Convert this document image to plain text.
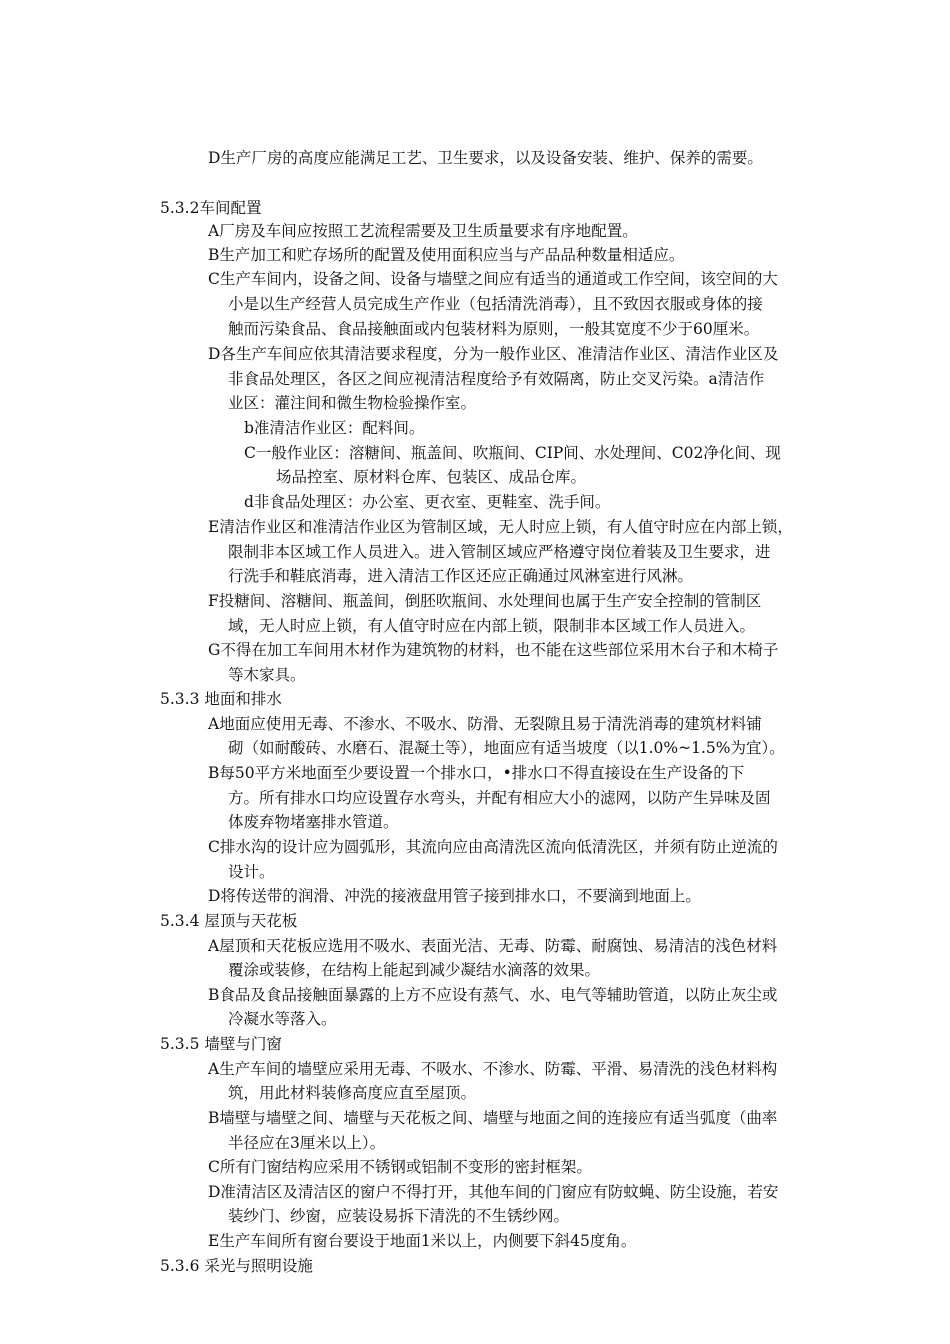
D生产厂房的高度应能满足工艺、卫生要求，以及设备安装、维护、保养的需要。
5.3.2车间配置
A厂房及车间应按照工艺流程需要及卫生质量要求有序地配置。
B生产加工和贮存场所的配置及使用面积应当与产品品种数量相适应。
C生产车间内，设备之间、设备与墙壁之间应有适当的通道或工作空间，该空间的大
小是以生产经营人员完成生产作业（包括清洗消毒），且不致因衣服或身体的接
触而污染食品、食品接触面或内包装材料为原则，一般其宽度不少于60厘米。
D各生产车间应依其清洁要求程度，分为一般作业区、准清洁作业区、清洁作业区及
非食品处理区，各区之间应视清洁程度给予有效隔离，防止交叉污染。a清洁作
业区：灌注间和微生物检验操作室。
b准清洁作业区：配料间。
C一般作业区：溶糖间、瓶盖间、吹瓶间、CIP间、水处理间、C02净化间、现
场品控室、原材料仓库、包装区、成品仓库。
d非食品处理区：办公室、更衣室、更鞋室、洗手间。
E清洁作业区和准清洁作业区为管制区域，无人时应上锁，有人值守时应在内部上锁，
限制非本区域工作人员进入。进入管制区域应严格遵守岗位着装及卫生要求，进
行洗手和鞋底消毒，进入清洁工作区还应正确通过风淋室进行风淋。
F投糖间、溶糖间、瓶盖间，倒胚吹瓶间、水处理间也属于生产安全控制的管制区
域，无人时应上锁，有人值守时应在内部上锁，限制非本区域工作人员进入。
G不得在加工车间用木材作为建筑物的材料，也不能在这些部位采用木台子和木椅子
等木家具。
5.3.3 地面和排水
A地面应使用无毒、不渗水、不吸水、防滑、无裂隙且易于清洗消毒的建筑材料铺
砌（如耐酸砖、水磨石、混凝土等），地面应有适当坡度（以1.0%~1.5%为宜）。
B每50平方米地面至少要设置一个排水口，•排水口不得直接设在生产设备的下
方。所有排水口均应设置存水弯头，并配有相应大小的滤网，以防产生异味及固
体废弃物堵塞排水管道。
C排水沟的设计应为圆弧形，其流向应由高清洗区流向低清洗区，并须有防止逆流的
设计。
D将传送带的润滑、冲洗的接液盘用管子接到排水口，不要滴到地面上。
5.3.4 屋顶与天花板
A屋顶和天花板应选用不吸水、表面光洁、无毒、防霉、耐腐蚀、易清洁的浅色材料
覆涂或装修，在结构上能起到减少凝结水滴落的效果。
B食品及食品接触面暴露的上方不应设有蒸气、水、电气等辅助管道，以防止灰尘或
冷凝水等落入。
5.3.5 墙壁与门窗
A生产车间的墙壁应采用无毒、不吸水、不渗水、防霉、平滑、易清洗的浅色材料构
筑，用此材料装修高度应直至屋顶。
B墙壁与墙壁之间、墙壁与天花板之间、墙壁与地面之间的连接应有适当弧度（曲率
半径应在3厘米以上）。
C所有门窗结构应采用不锈钢或铝制不变形的密封框架。
D准清洁区及清洁区的窗户不得打开，其他车间的门窗应有防蚊蝇、防尘设施，若安
装纱门、纱窗，应装设易拆下清洗的不生锈纱网。
E生产车间所有窗台要设于地面1米以上，内侧要下斜45度角。
5.3.6 采光与照明设施
